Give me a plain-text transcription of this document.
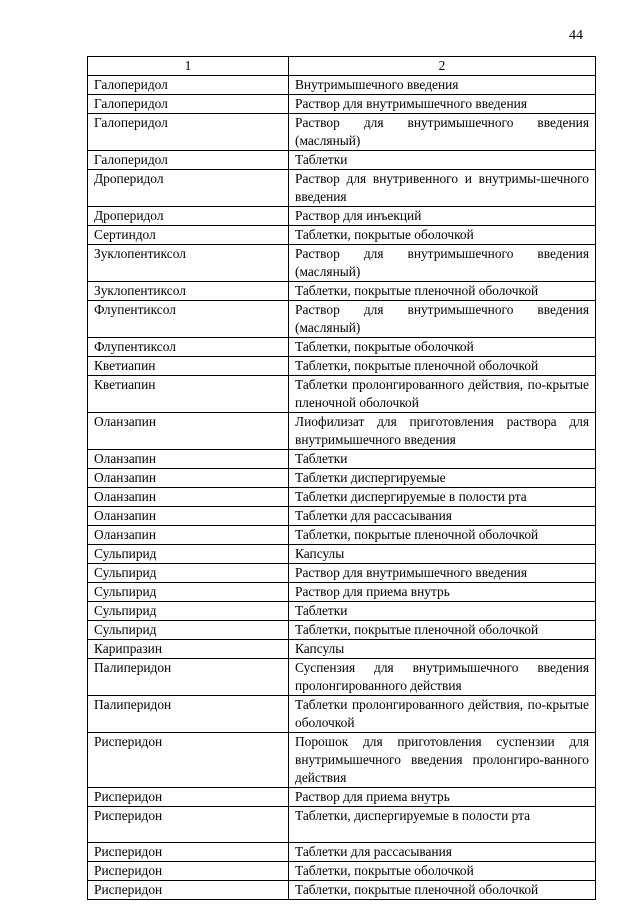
44
1	2
Галоперидол	Внутримышечного введения
Галоперидол	Раствор для внутримышечного введения
Галоперидол	Раствор для внутримышечного введения (масляный)
Галоперидол	Таблетки
Дроперидол	Раствор для внутривенного и внутримы-шечного введения
Дроперидол	Раствор для инъекций
Сертиндол	Таблетки, покрытые оболочкой
Зуклопентиксол	Раствор для внутримышечного введения (масляный)
Зуклопентиксол	Таблетки, покрытые пленочной оболочкой
Флупентиксол	Раствор для внутримышечного введения (масляный)
Флупентиксол	Таблетки, покрытые оболочкой
Кветиапин	Таблетки, покрытые пленочной оболочкой
Кветиапин	Таблетки пролонгированного действия, по-крытые пленочной оболочкой
Оланзапин	Лиофилизат для приготовления раствора для внутримышечного введения
Оланзапин	Таблетки
Оланзапин	Таблетки диспергируемые
Оланзапин	Таблетки диспергируемые в полости рта
Оланзапин	Таблетки для рассасывания
Оланзапин	Таблетки, покрытые пленочной оболочкой
Сульпирид	Капсулы
Сульпирид	Раствор для внутримышечного введения
Сульпирид	Раствор для приема внутрь
Сульпирид	Таблетки
Сульпирид	Таблетки, покрытые пленочной оболочкой
Карипразин	Капсулы
Палиперидон	Суспензия для внутримышечного введения пролонгированного действия
Палиперидон	Таблетки пролонгированного действия, по-крытые оболочкой
Рисперидон	Порошок для приготовления суспензии для внутримышечного введения пролонгиро-ванного действия
Рисперидон	Раствор для приема внутрь
Рисперидон	Таблетки, диспергируемые в полости рта
Рисперидон	Таблетки для рассасывания
Рисперидон	Таблетки, покрытые оболочкой
Рисперидон	Таблетки, покрытые пленочной оболочкой
